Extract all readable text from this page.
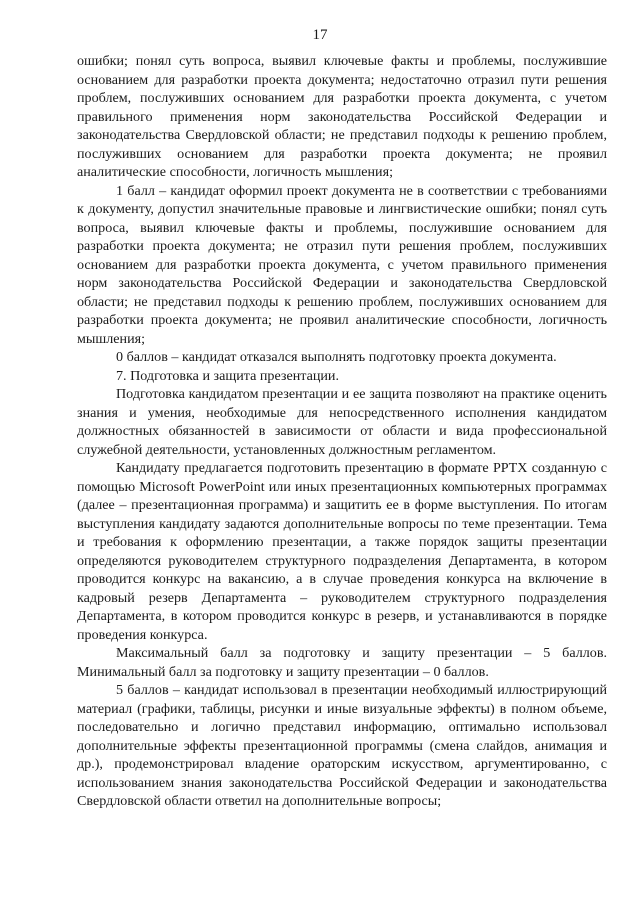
17

ошибки; понял суть вопроса, выявил ключевые факты и проблемы, послужившие основанием для разработки проекта документа; недостаточно отразил пути решения проблем, послуживших основанием для разработки проекта документа, с учетом правильного применения норм законодательства Российской Федерации и законодательства Свердловской области; не представил подходы к решению проблем, послуживших основанием для разработки проекта документа; не проявил аналитические способности, логичность мышления;

1 балл – кандидат оформил проект документа не в соответствии с требованиями к документу, допустил значительные правовые и лингвистические ошибки; понял суть вопроса, выявил ключевые факты и проблемы, послужившие основанием для разработки проекта документа; не отразил пути решения проблем, послуживших основанием для разработки проекта документа, с учетом правильного применения норм законодательства Российской Федерации и законодательства Свердловской области; не представил подходы к решению проблем, послуживших основанием для разработки проекта документа; не проявил аналитические способности, логичность мышления;

0 баллов – кандидат отказался выполнять подготовку проекта документа.

7. Подготовка и защита презентации.

Подготовка кандидатом презентации и ее защита позволяют на практике оценить знания и умения, необходимые для непосредственного исполнения кандидатом должностных обязанностей в зависимости от области и вида профессиональной служебной деятельности, установленных должностным регламентом.

Кандидату предлагается подготовить презентацию в формате PPTX созданную с помощью Microsoft PowerPoint или иных презентационных компьютерных программах (далее – презентационная программа) и защитить ее в форме выступления. По итогам выступления кандидату задаются дополнительные вопросы по теме презентации. Тема и требования к оформлению презентации, а также порядок защиты презентации определяются руководителем структурного подразделения Департамента, в котором проводится конкурс на вакансию, а в случае проведения конкурса на включение в кадровый резерв Департамента – руководителем структурного подразделения Департамента, в котором проводится конкурс в резерв, и устанавливаются в порядке проведения конкурса.

Максимальный балл за подготовку и защиту презентации – 5 баллов. Минимальный балл за подготовку и защиту презентации – 0 баллов.

5 баллов – кандидат использовал в презентации необходимый иллюстрирующий материал (графики, таблицы, рисунки и иные визуальные эффекты) в полном объеме, последовательно и логично представил информацию, оптимально использовал дополнительные эффекты презентационной программы (смена слайдов, анимация и др.), продемонстрировал владение ораторским искусством, аргументированно, с использованием знания законодательства Российской Федерации и законодательства Свердловской области ответил на дополнительные вопросы;
